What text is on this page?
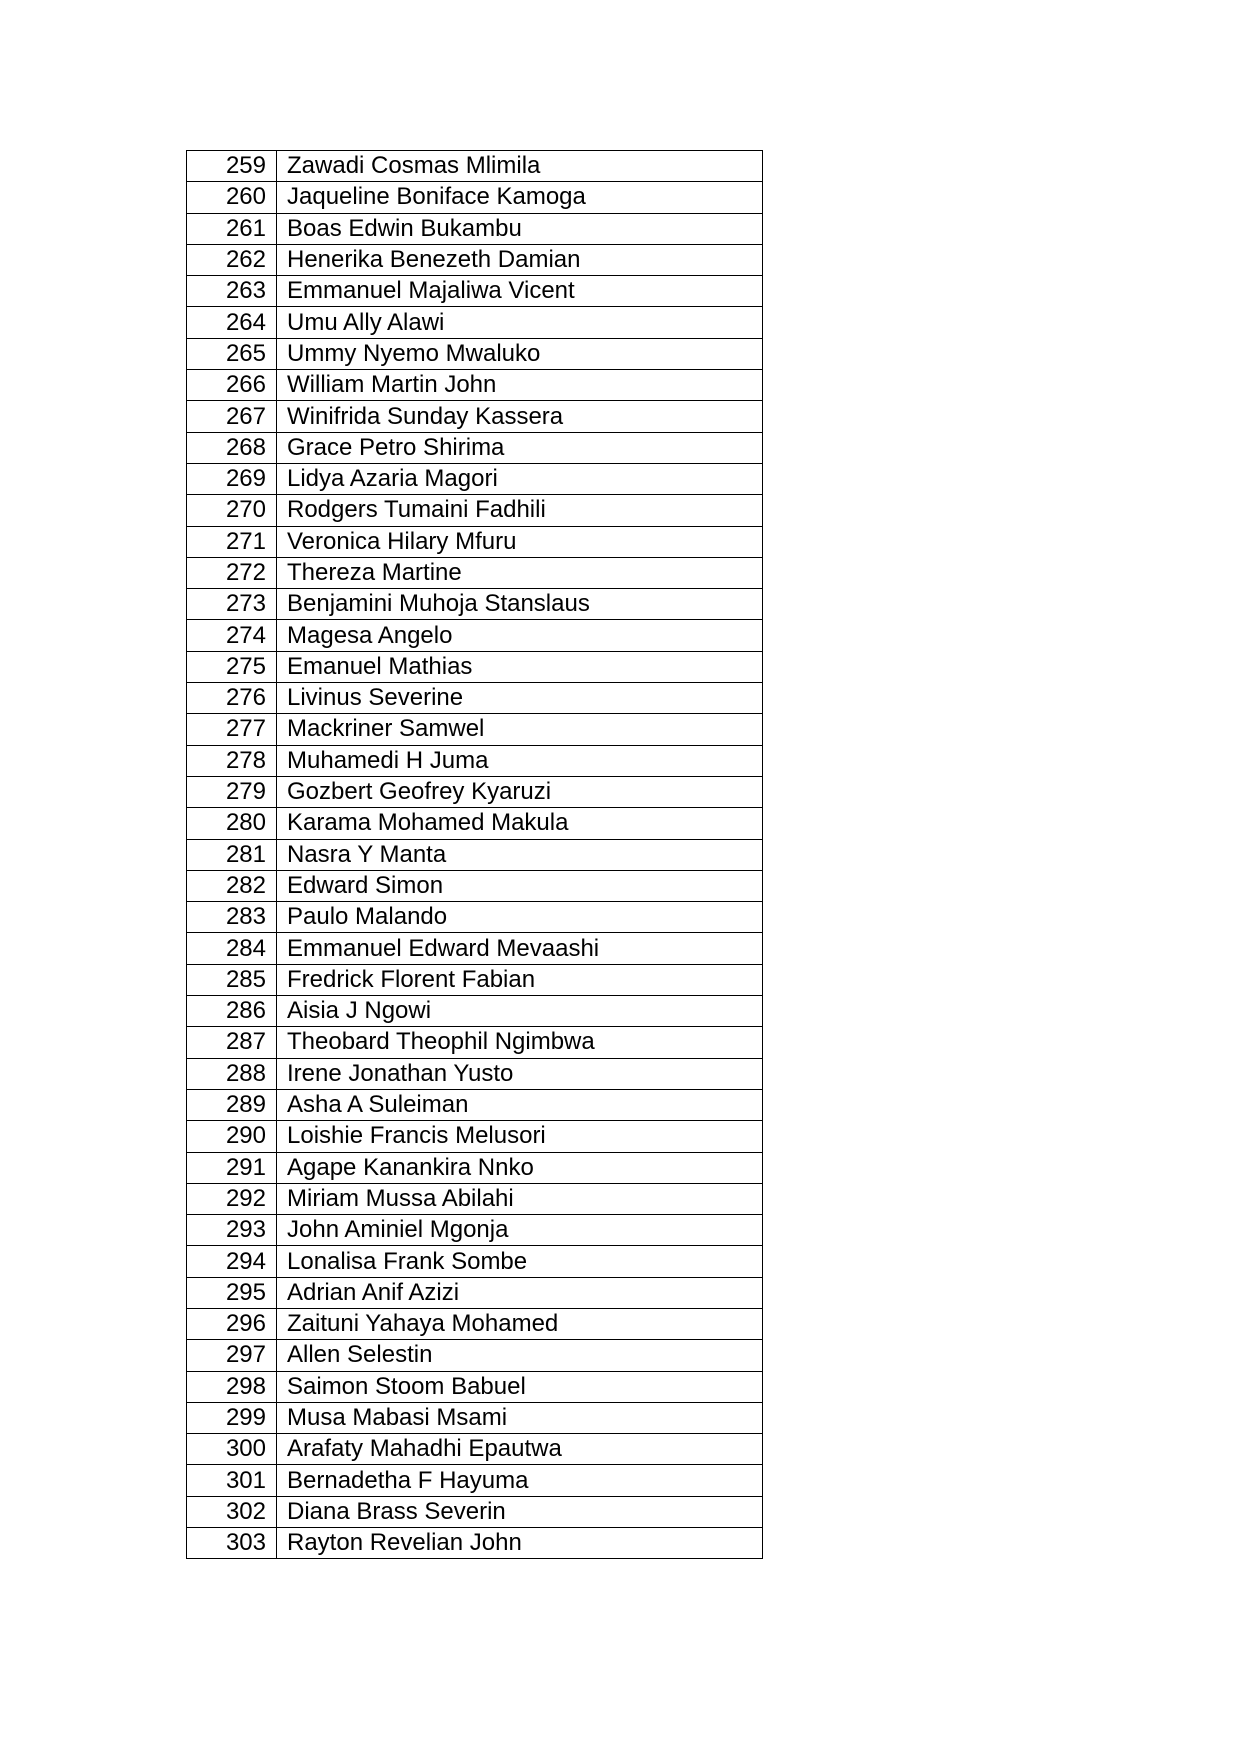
259	Zawadi Cosmas Mlimila
260	Jaqueline Boniface Kamoga
261	Boas Edwin Bukambu
262	Henerika Benezeth Damian
263	Emmanuel Majaliwa Vicent
264	Umu Ally Alawi
265	Ummy Nyemo Mwaluko
266	William Martin John
267	Winifrida Sunday Kassera
268	Grace Petro Shirima
269	Lidya Azaria Magori
270	Rodgers Tumaini Fadhili
271	Veronica Hilary Mfuru
272	Thereza Martine
273	Benjamini Muhoja Stanslaus
274	Magesa Angelo
275	Emanuel Mathias
276	Livinus Severine
277	Mackriner Samwel
278	Muhamedi H Juma
279	Gozbert Geofrey Kyaruzi
280	Karama Mohamed Makula
281	Nasra Y Manta
282	Edward Simon
283	Paulo Malando
284	Emmanuel Edward Mevaashi
285	Fredrick Florent Fabian
286	Aisia J Ngowi
287	Theobard Theophil Ngimbwa
288	Irene Jonathan Yusto
289	Asha A Suleiman
290	Loishie Francis Melusori
291	Agape Kanankira Nnko
292	Miriam Mussa Abilahi
293	John Aminiel Mgonja
294	Lonalisa Frank Sombe
295	Adrian Anif Azizi
296	Zaituni Yahaya Mohamed
297	Allen Selestin
298	Saimon Stoom Babuel
299	Musa Mabasi Msami
300	Arafaty Mahadhi Epautwa
301	Bernadetha F Hayuma
302	Diana Brass Severin
303	Rayton Revelian John
